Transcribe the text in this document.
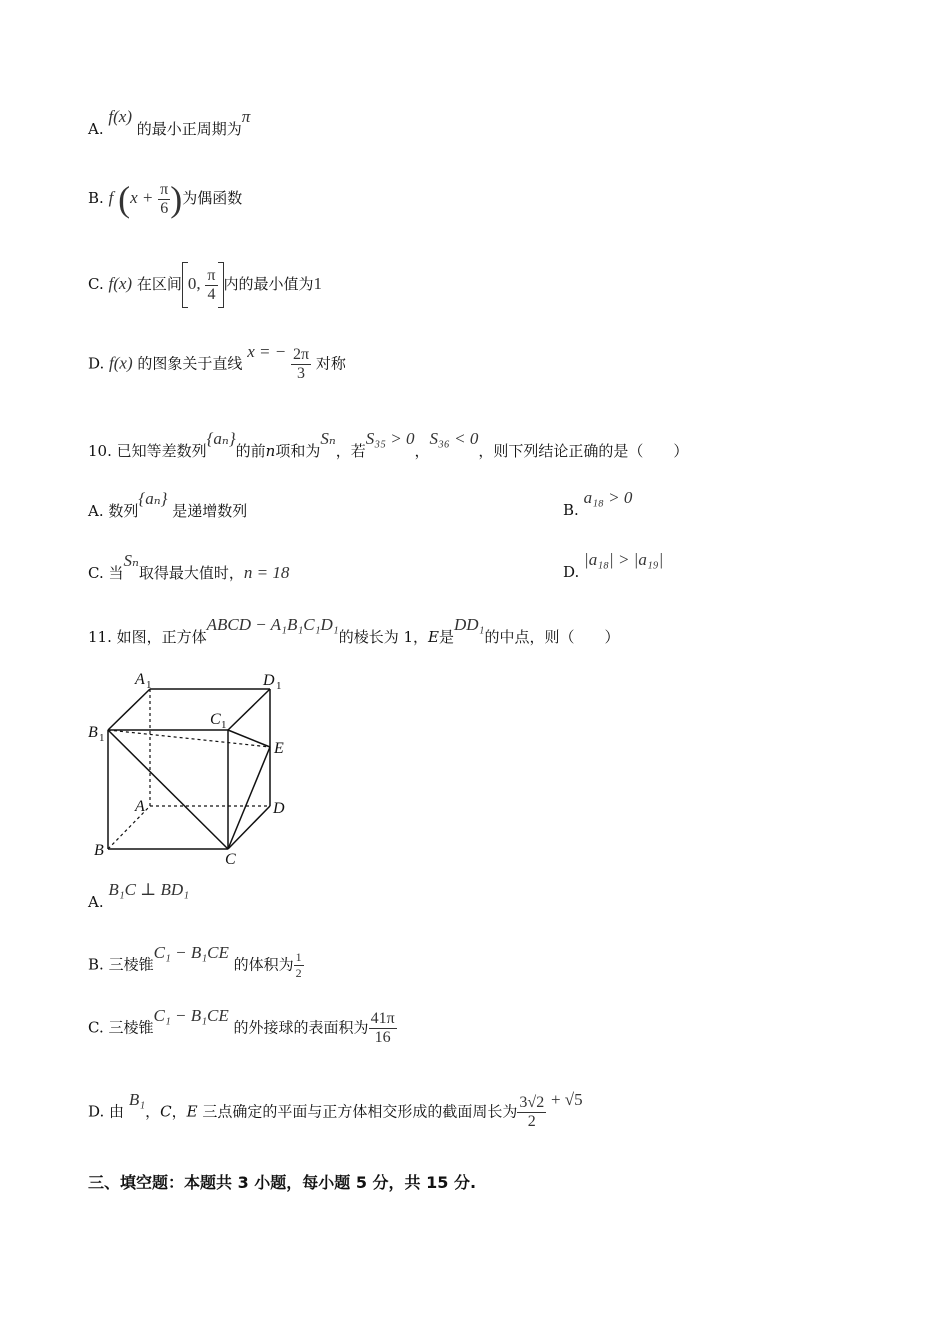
A. f(x) 的最小正周期为π
B. f ($x + \frac{\pi}{6}$ )为偶函数
C. f(x) 在区间 0, $\frac{\pi}{4}$ 内的最小值为1
D. f(x) 的图象关于直线 x = − $\frac{2\pi}{3}$ 对称
10. 已知等差数列{aₙ}的前n项和为Sₙ，若S₃₅ > 0，S₃₆ < 0，则下列结论正确的是（　　）
A. 数列{aₙ} 是递增数列	B. a₁₈ > 0
C. 当Sₙ取得最大值时，n = 18	D. |a₁₈| > |a₁₉|
11. 如图，正方体ABCD − A₁B₁C₁D₁的棱长为 1，E是DD₁的中点，则（　　）
A 1	D 1
B 1
C 1
E
A	D
B
C
A. B₁C ⊥ BD₁
B. 三棱锥C₁ − B₁CE 的体积为 $\frac{1}{2}$
C. 三棱锥C₁ − B₁CE 的外接球的表面积为 $\frac{41\pi}{16}$
D. 由 B₁，C，E 三点确定的平面与正方体相交形成的截面周长为 $\frac{3√2}{2} + √5$
三、填空题：本题共 3 小题，每小题 5 分，共 15 分.
